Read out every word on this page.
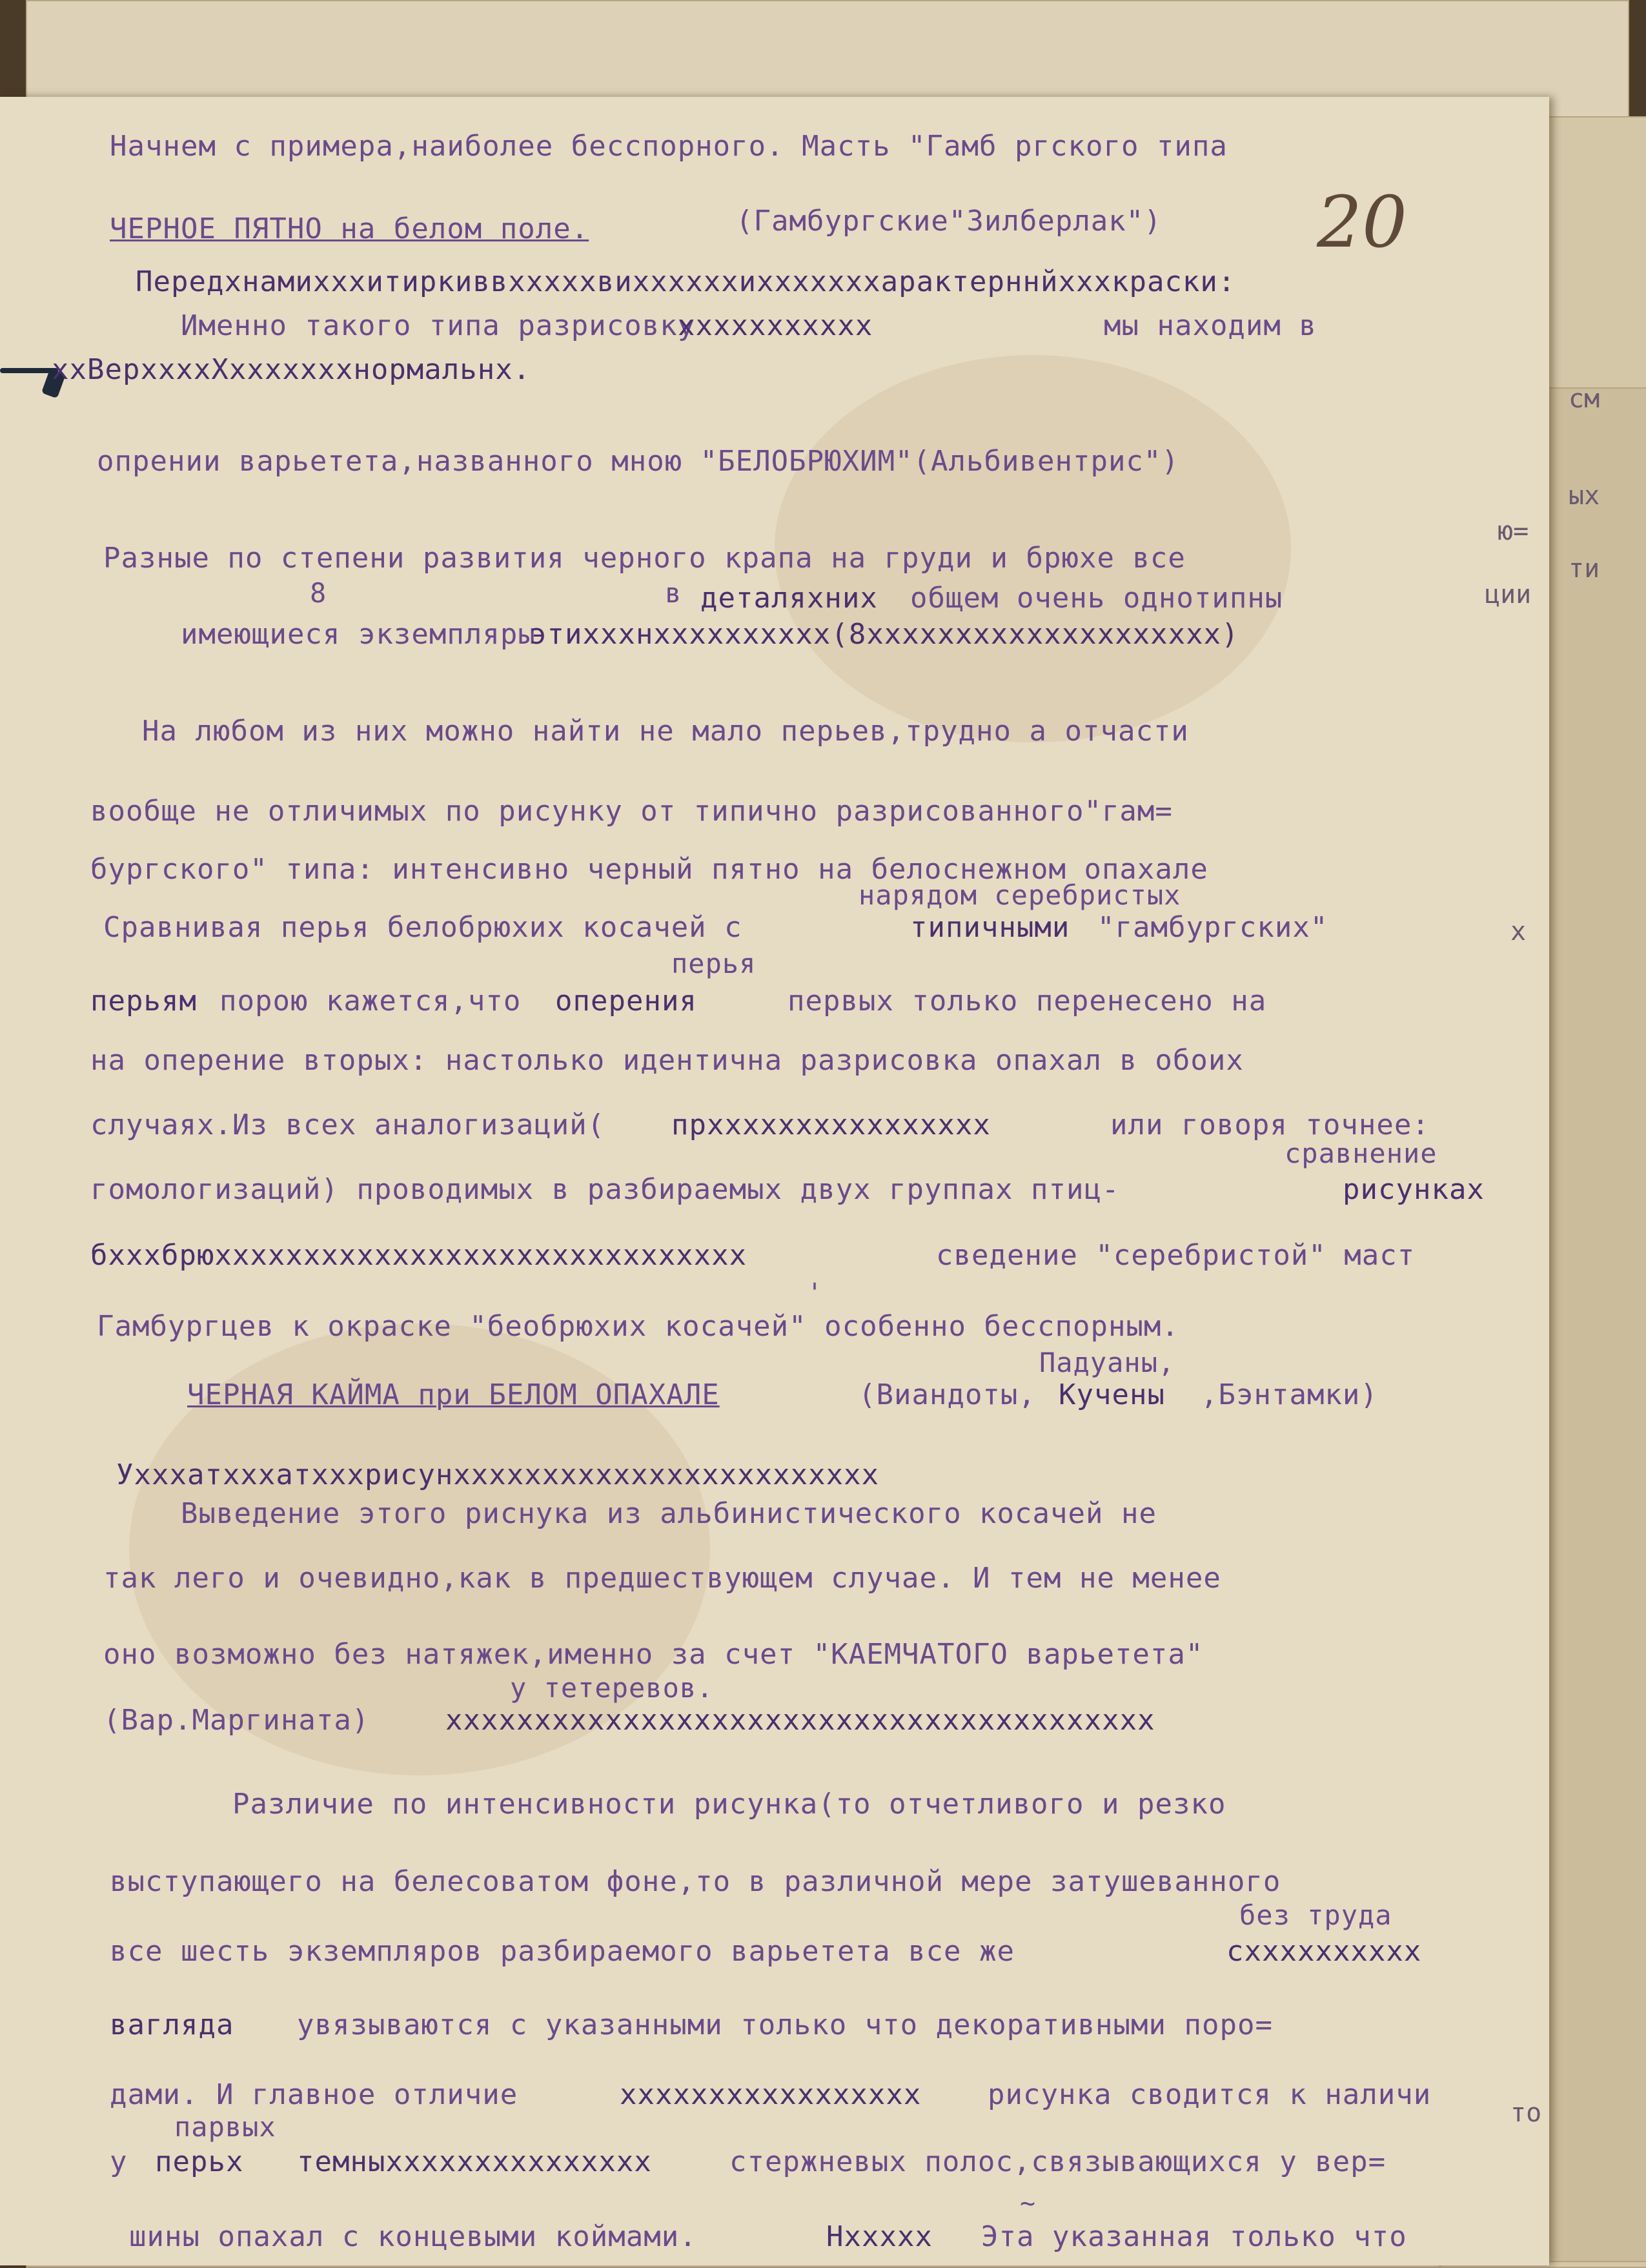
20

Начнем с примера,наиболее бесспорного. Масть "Гамб ргского типа

ЧЕРНОЕ ПЯТНО на белом поле.	(Гамбургские"Зилберлак")

Передхнамихххитиркиввхххххвиххххххихххххххарактерннйхххкраски:

Именно такого типа разрисовку

ххххххххххх	мы находим в

ххВерххххХхххххххнормальнх.

опрении варьетета,названного мною "БЕЛОБРЮХИМ"(Альбивентрис")

Разные по степени развития черного крапа на груди и брюхе все

8	в деталяхних общем очень однотипны

имеющиеся экземпляры

этихххнхххххххххх(8хххххххххххххххххххх)

На любом из них можно найти не мало перьев,трудно а отчасти

вообще не отличимых по рисунку от типично разрисованного"гам=

бургского" типа: интенсивно черный пятно на белоснежном опахале

нарядом серебристых

Сравнивая перья белобрюхих косачей с	типичными "гамбургских"

перья

перьям порою кажется,что оперения	первых только перенесено на

на оперение вторых: настолько идентична разрисовка опахал в обоих

случаях.Из всех аналогизаций( прхххххххххххххххх	или говоря точнее:

сравнение

гомологизаций) проводимых в разбираемых двух группах птиц-	рисунках

бхххбрюхххххххххххххххххххххххххххххх	сведение "серебристой" маст

Гамбургцев к окраске "беобрюхих косачей" особенно бесспорным.

Падуаны,

ЧЕРНАЯ КАЙМА при БЕЛОМ ОПАХАЛЕ	(Виандоты, Кучены ,Бэнтамки)

Ухххатхххатхххрисунхххххххххххххххххххххххх

Выведение этого риснука из альбинистического косачей не

так лего и очевидно,как в предшествующем случае. И тем не менее

оно возможно без натяжек,именно за счет "КАЕМЧАТОГО варьетета"

у тетеревов.

(Вар.Маргината)	хххххххххххххххххххххххххххххххххххххххх

Различие по интенсивности рисунка(то отчетливого и резко

выступающего на белесоватом фоне,то в различной мере затушеванного

без труда

все шесть экземпляров разбираемого варьетета все же	схххххххххх

вагляда увязываются с указанными только что декоративными поро=

дами. И главное отличие	ххххххххххххххххх рисунка сводится к наличи

парвых

у перьх темныххххххххххххххх	стержневых полос,связывающихся у вер=

шины опахал с концевыми коймами.	Нххххх Эта указанная только что

'
~

см

ых

ю=

ти

ции

х

то
